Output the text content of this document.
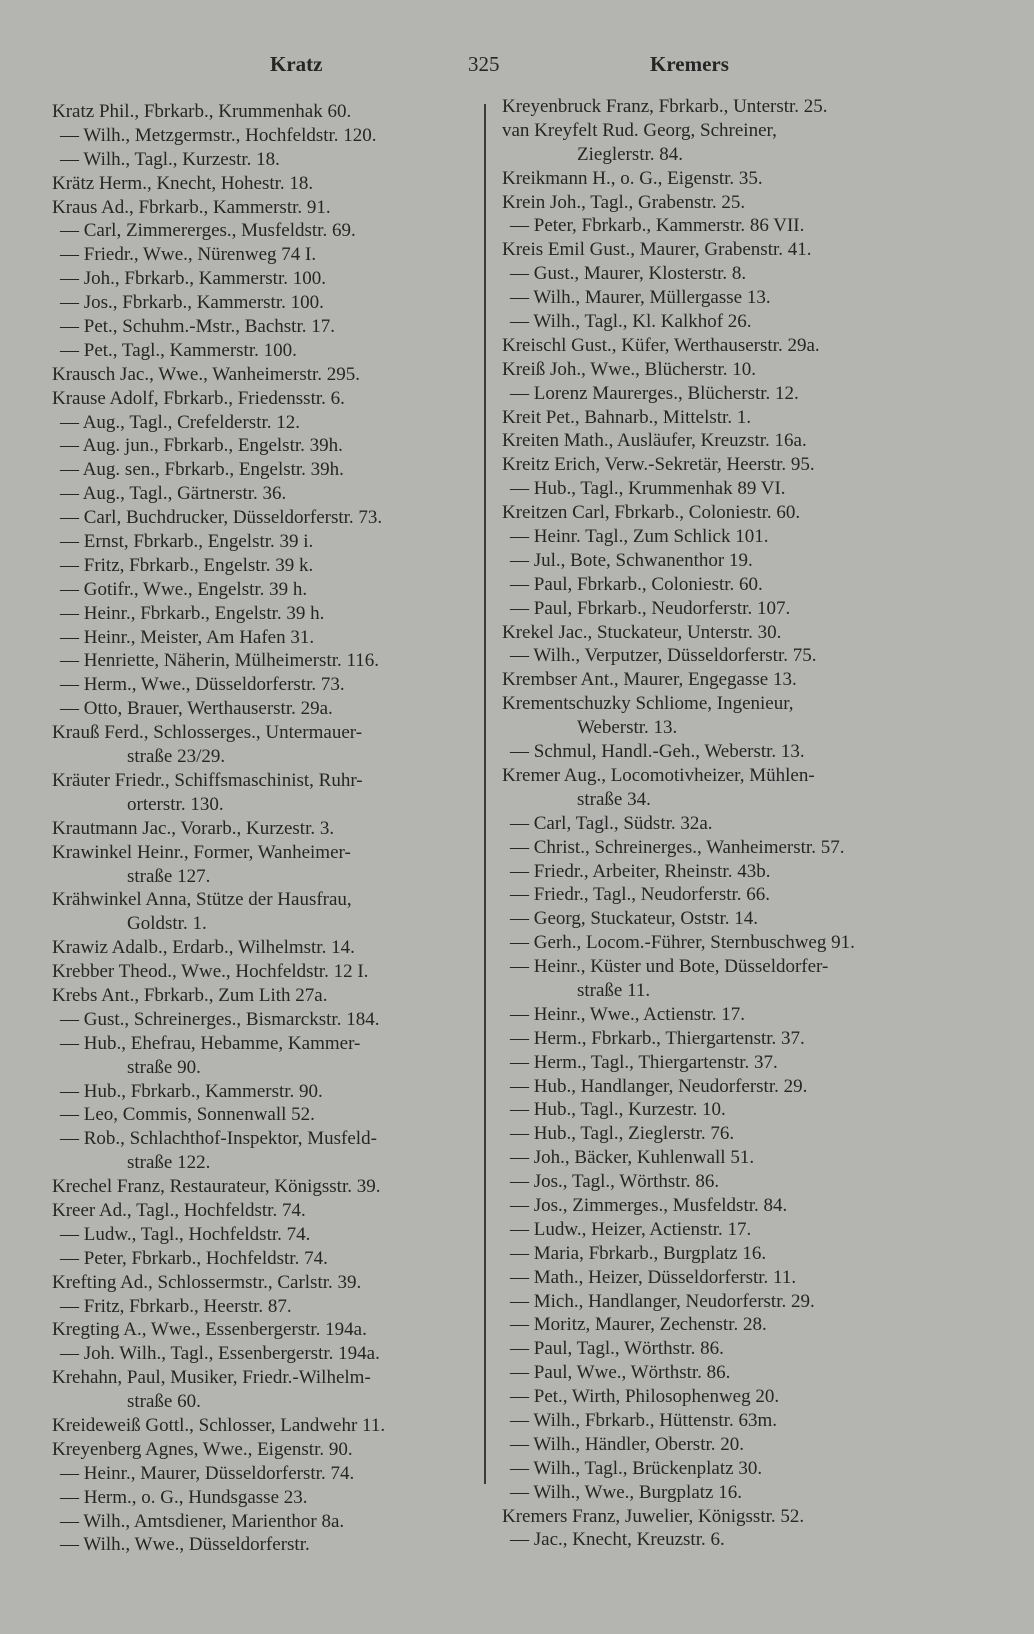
Kratz	325	Kremers
Kratz Phil., Fbrkarb., Krummenhak 60.
— Wilh., Metzgermstr., Hochfeldstr. 120.
— Wilh., Tagl., Kurzestr. 18.
Krätz Herm., Knecht, Hohestr. 18.
Kraus Ad., Fbrkarb., Kammerstr. 91.
— Carl, Zimmererges., Musfeldstr. 69.
— Friedr., Wwe., Nürenweg 74 I.
— Joh., Fbrkarb., Kammerstr. 100.
— Jos., Fbrkarb., Kammerstr. 100.
— Pet., Schuhm.-Mstr., Bachstr. 17.
— Pet., Tagl., Kammerstr. 100.
Krausch Jac., Wwe., Wanheimerstr. 295.
Krause Adolf, Fbrkarb., Friedensstr. 6.
— Aug., Tagl., Crefelderstr. 12.
— Aug. jun., Fbrkarb., Engelstr. 39h.
— Aug. sen., Fbrkarb., Engelstr. 39h.
— Aug., Tagl., Gärtnerstr. 36.
— Carl, Buchdrucker, Düsseldorferstr. 73.
— Ernst, Fbrkarb., Engelstr. 39 i.
— Fritz, Fbrkarb., Engelstr. 39 k.
— Gotifr., Wwe., Engelstr. 39 h.
— Heinr., Fbrkarb., Engelstr. 39 h.
— Heinr., Meister, Am Hafen 31.
— Henriette, Näherin, Mülheimerstr. 116.
— Herm., Wwe., Düsseldorferstr. 73.
— Otto, Brauer, Werthauserstr. 29a.
Krauß Ferd., Schlosserges., Untermauer-
straße 23/29.
Kräuter Friedr., Schiffsmaschinist, Ruhr-
orterstr. 130.
Krautmann Jac., Vorarb., Kurzestr. 3.
Krawinkel Heinr., Former, Wanheimer-
straße 127.
Krähwinkel Anna, Stütze der Hausfrau,
Goldstr. 1.
Krawiz Adalb., Erdarb., Wilhelmstr. 14.
Krebber Theod., Wwe., Hochfeldstr. 12 I.
Krebs Ant., Fbrkarb., Zum Lith 27a.
— Gust., Schreinerges., Bismarckstr. 184.
— Hub., Ehefrau, Hebamme, Kammer-
straße 90.
— Hub., Fbrkarb., Kammerstr. 90.
— Leo, Commis, Sonnenwall 52.
— Rob., Schlachthof-Inspektor, Musfeld-
straße 122.
Krechel Franz, Restaurateur, Königsstr. 39.
Kreer Ad., Tagl., Hochfeldstr. 74.
— Ludw., Tagl., Hochfeldstr. 74.
— Peter, Fbrkarb., Hochfeldstr. 74.
Krefting Ad., Schlossermstr., Carlstr. 39.
— Fritz, Fbrkarb., Heerstr. 87.
Kregting A., Wwe., Essenbergerstr. 194a.
— Joh. Wilh., Tagl., Essenbergerstr. 194a.
Krehahn, Paul, Musiker, Friedr.-Wilhelm-
straße 60.
Kreideweiß Gottl., Schlosser, Landwehr 11.
Kreyenberg Agnes, Wwe., Eigenstr. 90.
— Heinr., Maurer, Düsseldorferstr. 74.
— Herm., o. G., Hundsgasse 23.
— Wilh., Amtsdiener, Marienthor 8a.
— Wilh., Wwe., Düsseldorferstr.
Kreyenbruck Franz, Fbrkarb., Unterstr. 25.
van Kreyfelt Rud. Georg, Schreiner,
Zieglerstr. 84.
Kreikmann H., o. G., Eigenstr. 35.
Krein Joh., Tagl., Grabenstr. 25.
— Peter, Fbrkarb., Kammerstr. 86 VII.
Kreis Emil Gust., Maurer, Grabenstr. 41.
— Gust., Maurer, Klosterstr. 8.
— Wilh., Maurer, Müllergasse 13.
— Wilh., Tagl., Kl. Kalkhof 26.
Kreischl Gust., Küfer, Werthauserstr. 29a.
Kreiß Joh., Wwe., Blücherstr. 10.
— Lorenz Maurerges., Blücherstr. 12.
Kreit Pet., Bahnarb., Mittelstr. 1.
Kreiten Math., Ausläufer, Kreuzstr. 16a.
Kreitz Erich, Verw.-Sekretär, Heerstr. 95.
— Hub., Tagl., Krummenhak 89 VI.
Kreitzen Carl, Fbrkarb., Coloniestr. 60.
— Heinr. Tagl., Zum Schlick 101.
— Jul., Bote, Schwanenthor 19.
— Paul, Fbrkarb., Coloniestr. 60.
— Paul, Fbrkarb., Neudorferstr. 107.
Krekel Jac., Stuckateur, Unterstr. 30.
— Wilh., Verputzer, Düsseldorferstr. 75.
Krembser Ant., Maurer, Engegasse 13.
Krementschuzky Schliome, Ingenieur,
Weberstr. 13.
— Schmul, Handl.-Geh., Weberstr. 13.
Kremer Aug., Locomotivheizer, Mühlen-
straße 34.
— Carl, Tagl., Südstr. 32a.
— Christ., Schreinerges., Wanheimerstr. 57.
— Friedr., Arbeiter, Rheinstr. 43b.
— Friedr., Tagl., Neudorferstr. 66.
— Georg, Stuckateur, Oststr. 14.
— Gerh., Locom.-Führer, Sternbuschweg 91.
— Heinr., Küster und Bote, Düsseldorfer-
straße 11.
— Heinr., Wwe., Actienstr. 17.
— Herm., Fbrkarb., Thiergartenstr. 37.
— Herm., Tagl., Thiergartenstr. 37.
— Hub., Handlanger, Neudorferstr. 29.
— Hub., Tagl., Kurzestr. 10.
— Hub., Tagl., Zieglerstr. 76.
— Joh., Bäcker, Kuhlenwall 51.
— Jos., Tagl., Wörthstr. 86.
— Jos., Zimmerges., Musfeldstr. 84.
— Ludw., Heizer, Actienstr. 17.
— Maria, Fbrkarb., Burgplatz 16.
— Math., Heizer, Düsseldorferstr. 11.
— Mich., Handlanger, Neudorferstr. 29.
— Moritz, Maurer, Zechenstr. 28.
— Paul, Tagl., Wörthstr. 86.
— Paul, Wwe., Wörthstr. 86.
— Pet., Wirth, Philosophenweg 20.
— Wilh., Fbrkarb., Hüttenstr. 63m.
— Wilh., Händler, Oberstr. 20.
— Wilh., Tagl., Brückenplatz 30.
— Wilh., Wwe., Burgplatz 16.
Kremers Franz, Juwelier, Königsstr. 52.
— Jac., Knecht, Kreuzstr. 6.
